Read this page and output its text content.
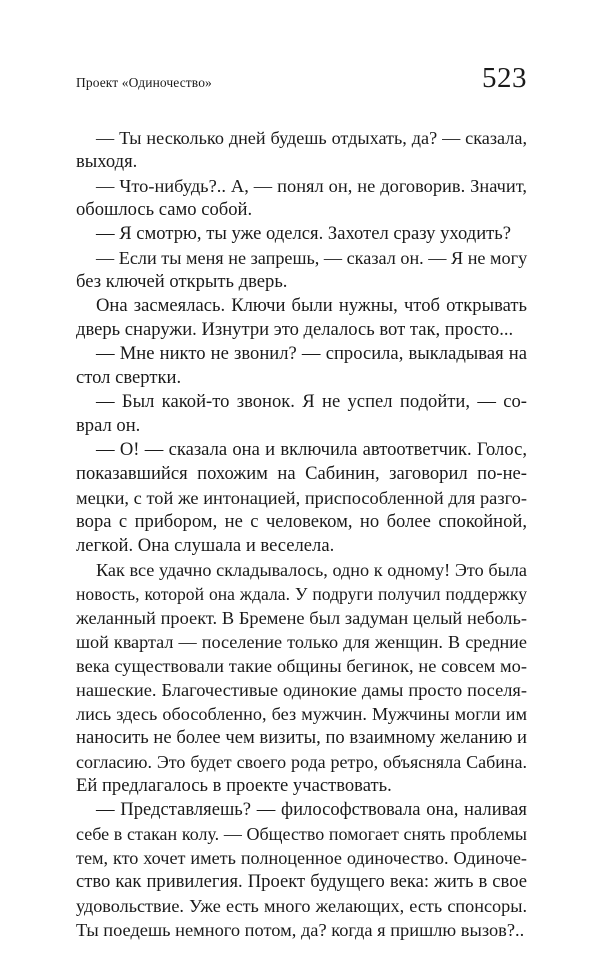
Проект «Одиночество»	523
— Ты несколько дней будешь отдыхать, да? — сказала,
выходя.
— Что-нибудь?.. А, — понял он, не договорив. Значит,
обошлось само собой.
— Я смотрю, ты уже оделся. Захотел сразу уходить?
— Если ты меня не запрешь, — сказал он. — Я не могу
без ключей открыть дверь.
Она засмеялась. Ключи были нужны, чтоб открывать
дверь снаружи. Изнутри это делалось вот так, просто...
— Мне никто не звонил? — спросила, выкладывая на
стол свертки.
— Был какой-то звонок. Я не успел подойти, — со-
врал он.
— О! — сказала она и включила автоответчик. Голос,
показавшийся похожим на Сабинин, заговорил по-не-
мецки, с той же интонацией, приспособленной для разго-
вора с прибором, не с человеком, но более спокойной,
легкой. Она слушала и веселела.
Как все удачно складывалось, одно к одному! Это была
новость, которой она ждала. У подруги получил поддержку
желанный проект. В Бремене был задуман целый неболь-
шой квартал — поселение только для женщин. В средние
века существовали такие общины бегинок, не совсем мо-
нашеские. Благочестивые одинокие дамы просто поселя-
лись здесь обособленно, без мужчин. Мужчины могли им
наносить не более чем визиты, по взаимному желанию и
согласию. Это будет своего рода ретро, объясняла Сабина.
Ей предлагалось в проекте участвовать.
— Представляешь? — философствовала она, наливая
себе в стакан колу. — Общество помогает снять проблемы
тем, кто хочет иметь полноценное одиночество. Одиноче-
ство как привилегия. Проект будущего века: жить в свое
удовольствие. Уже есть много желающих, есть спонсоры.
Ты поедешь немного потом, да? когда я пришлю вызов?..
